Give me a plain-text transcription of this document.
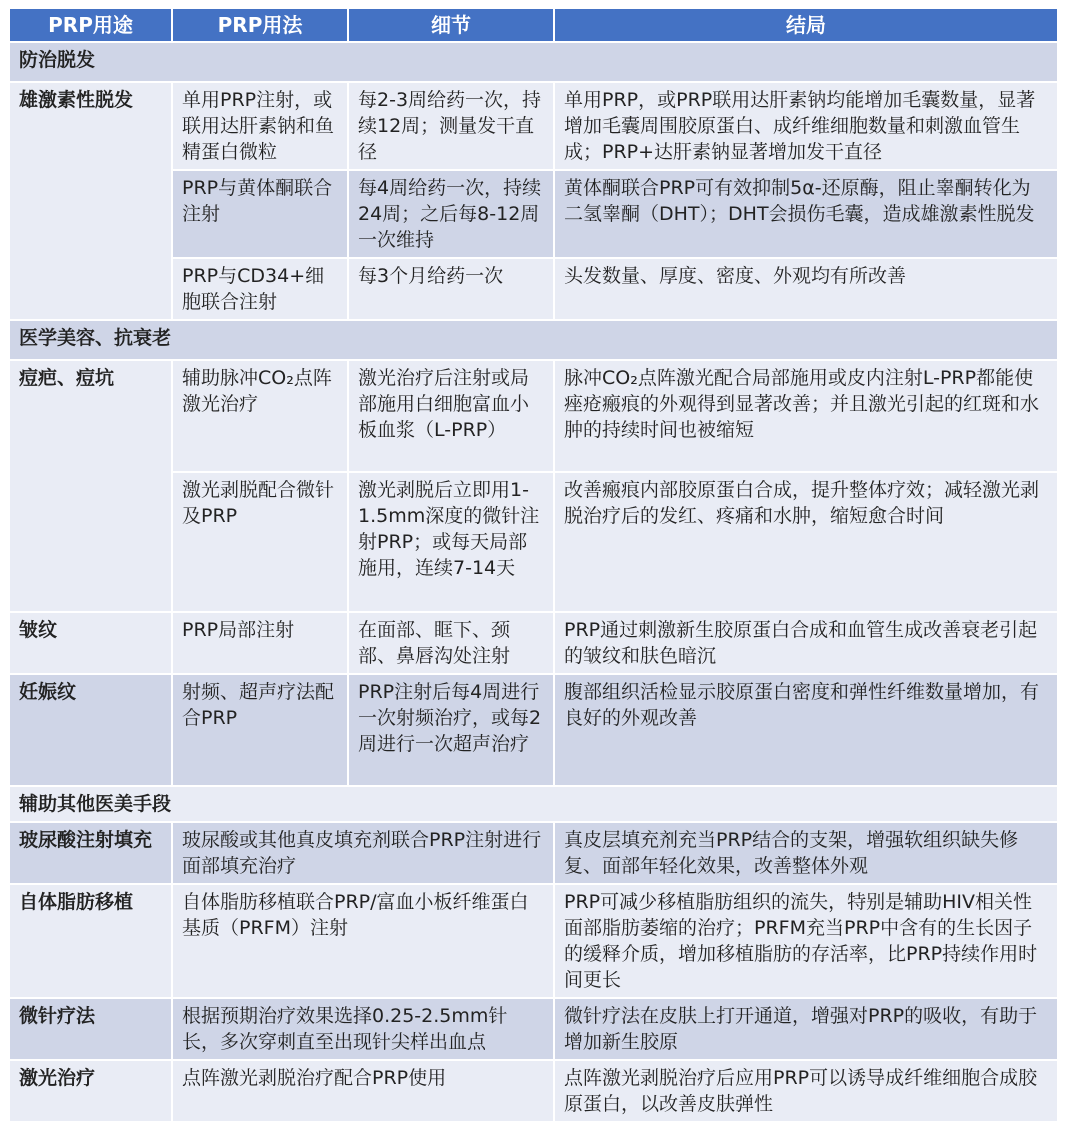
PRP用途	PRP用法	细节	结局
防治脱发			
雄激素性脱发	单用PRP注射，或联用达肝素钠和鱼精蛋白微粒	每2-3周给药一次，持续12周；测量发干直径	单用PRP，或PRP联用达肝素钠均能增加毛囊数量，显著增加毛囊周围胶原蛋白、成纤维细胞数量和刺激血管生成；PRP+达肝素钠显著增加发干直径
	PRP与黄体酮联合注射	每4周给药一次，持续24周；之后每8-12周一次维持	黄体酮联合PRP可有效抑制5α-还原酶，阻止睾酮转化为二氢睾酮（DHT）；DHT会损伤毛囊，造成雄激素性脱发
	PRP与CD34+细胞联合注射	每3个月给药一次	头发数量、厚度、密度、外观均有所改善
医学美容、抗衰老			
痘疤、痘坑	辅助脉冲CO₂点阵激光治疗	激光治疗后注射或局部施用白细胞富血小板血浆（L-PRP）	脉冲CO₂点阵激光配合局部施用或皮内注射L-PRP都能使痤疮瘢痕的外观得到显著改善；并且激光引起的红斑和水肿的持续时间也被缩短
	激光剥脱配合微针及PRP	激光剥脱后立即用1-1.5mm深度的微针注射PRP；或每天局部施用，连续7-14天	改善瘢痕内部胶原蛋白合成，提升整体疗效；减轻激光剥脱治疗后的发红、疼痛和水肿，缩短愈合时间
皱纹	PRP局部注射	在面部、眶下、颈部、鼻唇沟处注射	PRP通过刺激新生胶原蛋白合成和血管生成改善衰老引起的皱纹和肤色暗沉
妊娠纹	射频、超声疗法配合PRP	PRP注射后每4周进行一次射频治疗，或每2周进行一次超声治疗	腹部组织活检显示胶原蛋白密度和弹性纤维数量增加，有良好的外观改善
辅助其他医美手段			
玻尿酸注射填充	玻尿酸或其他真皮填充剂联合PRP注射进行面部填充治疗		真皮层填充剂充当PRP结合的支架，增强软组织缺失修复、面部年轻化效果，改善整体外观
自体脂肪移植	自体脂肪移植联合PRP/富血小板纤维蛋白基质（PRFM）注射		PRP可减少移植脂肪组织的流失，特别是辅助HIV相关性面部脂肪萎缩的治疗；PRFM充当PRP中含有的生长因子的缓释介质，增加移植脂肪的存活率，比PRP持续作用时间更长
微针疗法	根据预期治疗效果选择0.25-2.5mm针长，多次穿刺直至出现针尖样出血点		微针疗法在皮肤上打开通道，增强对PRP的吸收，有助于增加新生胶原
激光治疗	点阵激光剥脱治疗配合PRP使用		点阵激光剥脱治疗后应用PRP可以诱导成纤维细胞合成胶原蛋白，以改善皮肤弹性
